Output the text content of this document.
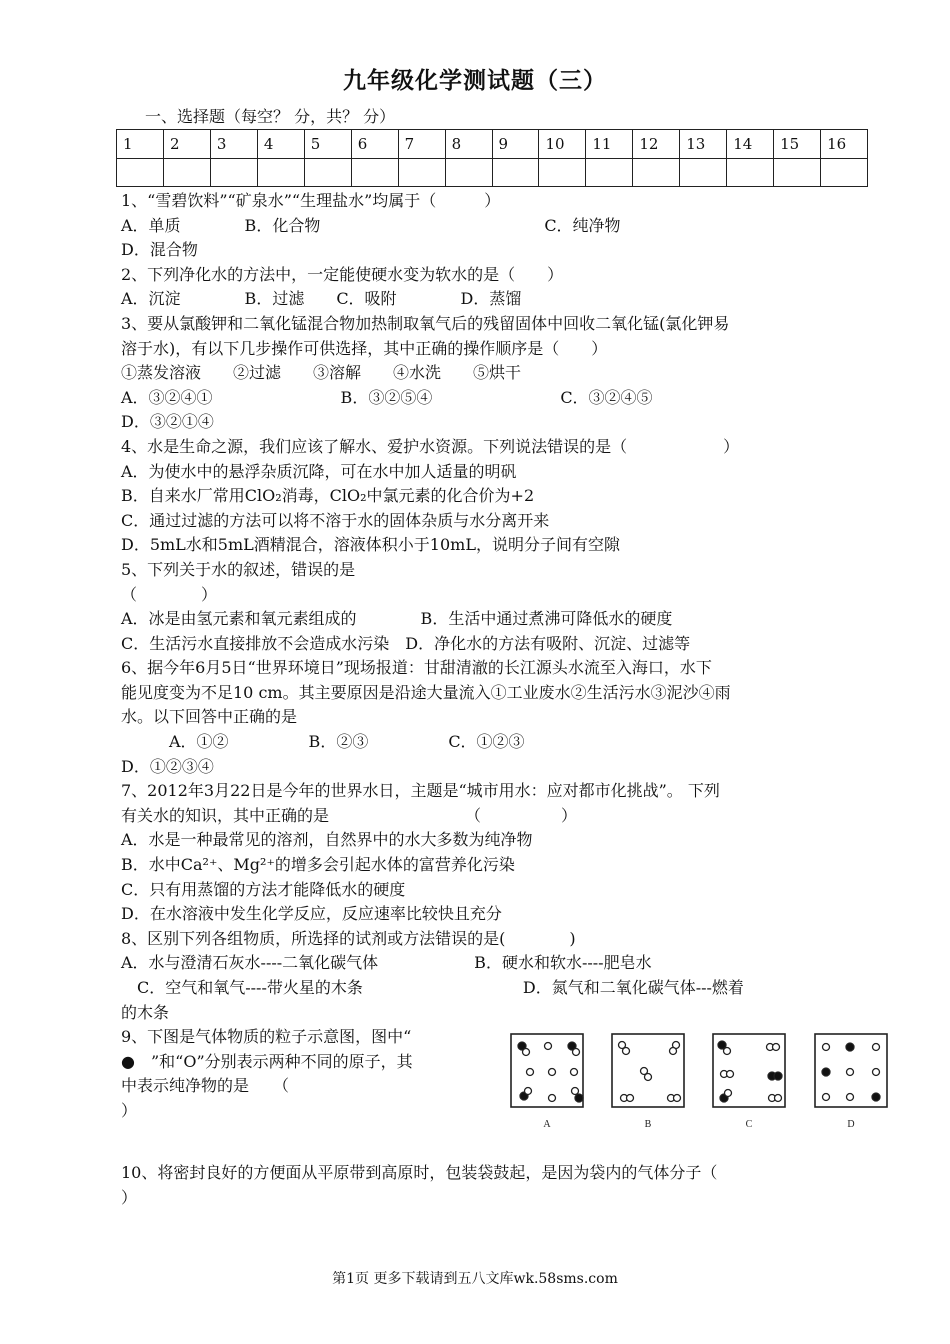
九年级化学测试题（三）
一、选择题（每空？ 分，共？ 分）
1	2	3	4	5	6	7	8	9	10	11	12	13	14	15	16

1、“雪碧饮料”“矿泉水”“生理盐水”均属于（　　　）

A．单质　　　　B．化合物　　　　　　　　　　　　　　C．纯净物

D．混合物

2、下列净化水的方法中，一定能使硬水变为软水的是（　　）

A．沉淀　　　　B．过滤　　C．吸附　　　　D．蒸馏

3、要从氯酸钾和二氧化锰混合物加热制取氧气后的残留固体中回收二氧化锰(氯化钾易

溶于水)，有以下几步操作可供选择，其中正确的操作顺序是（　　）

①蒸发溶液　　②过滤　　③溶解　　④水洗　　⑤烘干

A．③②④①　　　　　　　　B．③②⑤④　　　　　　　　C．③②④⑤

D．③②①④

4、水是生命之源，我们应该了解水、爱护水资源。下列说法错误的是（　　　　　　）

A．为使水中的悬浮杂质沉降，可在水中加人适量的明矾

B．自来水厂常用ClO₂消毒，ClO₂中氯元素的化合价为+2

C．通过过滤的方法可以将不溶于水的固体杂质与水分离开来

D．5mL水和5mL酒精混合，溶液体积小于10mL，说明分子间有空隙

5、下列关于水的叙述，错误的是

（　　　　）

A．冰是由氢元素和氧元素组成的　　　　B．生活中通过煮沸可降低水的硬度

C．生活污水直接排放不会造成水污染　D．净化水的方法有吸附、沉淀、过滤等

6、据今年6月5日“世界环境日”现场报道：甘甜清澈的长江源头水流至入海口，水下

能见度变为不足10 cm。其主要原因是沿途大量流入①工业废水②生活污水③泥沙④雨

水。以下回答中正确的是

　　　A．①②　　　　　B．②③　　　　　C．①②③

D．①②③④

7、2012年3月22日是今年的世界水日，主题是“城市用水：应对都市化挑战”。 下列

有关水的知识，其中正确的是　　　　　　　　　（　　　　　）

A．水是一种最常见的溶剂，自然界中的水大多数为纯净物

B．水中Ca²⁺、Mg²⁺的增多会引起水体的富营养化污染

C．只有用蒸馏的方法才能降低水的硬度

D．在水溶液中发生化学反应，反应速率比较快且充分

8、区别下列各组物质，所选择的试剂或方法错误的是(　　　　)

A．水与澄清石灰水----二氧化碳气体　　　　　　B．硬水和软水----肥皂水

　C．空气和氧气----带火星的木条　　　　　　　　　　D．氮气和二氧化碳气体---燃着

的木条

9、下图是气体物质的粒子示意图，图中“

●　”和“O”分别表示两种不同的原子，其

中表示纯净物的是　　（

）

A	B	C	D

10、将密封良好的方便面从平原带到高原时，包装袋鼓起，是因为袋内的气体分子（

）

第1页 更多下载请到五八文库wk.58sms.com
